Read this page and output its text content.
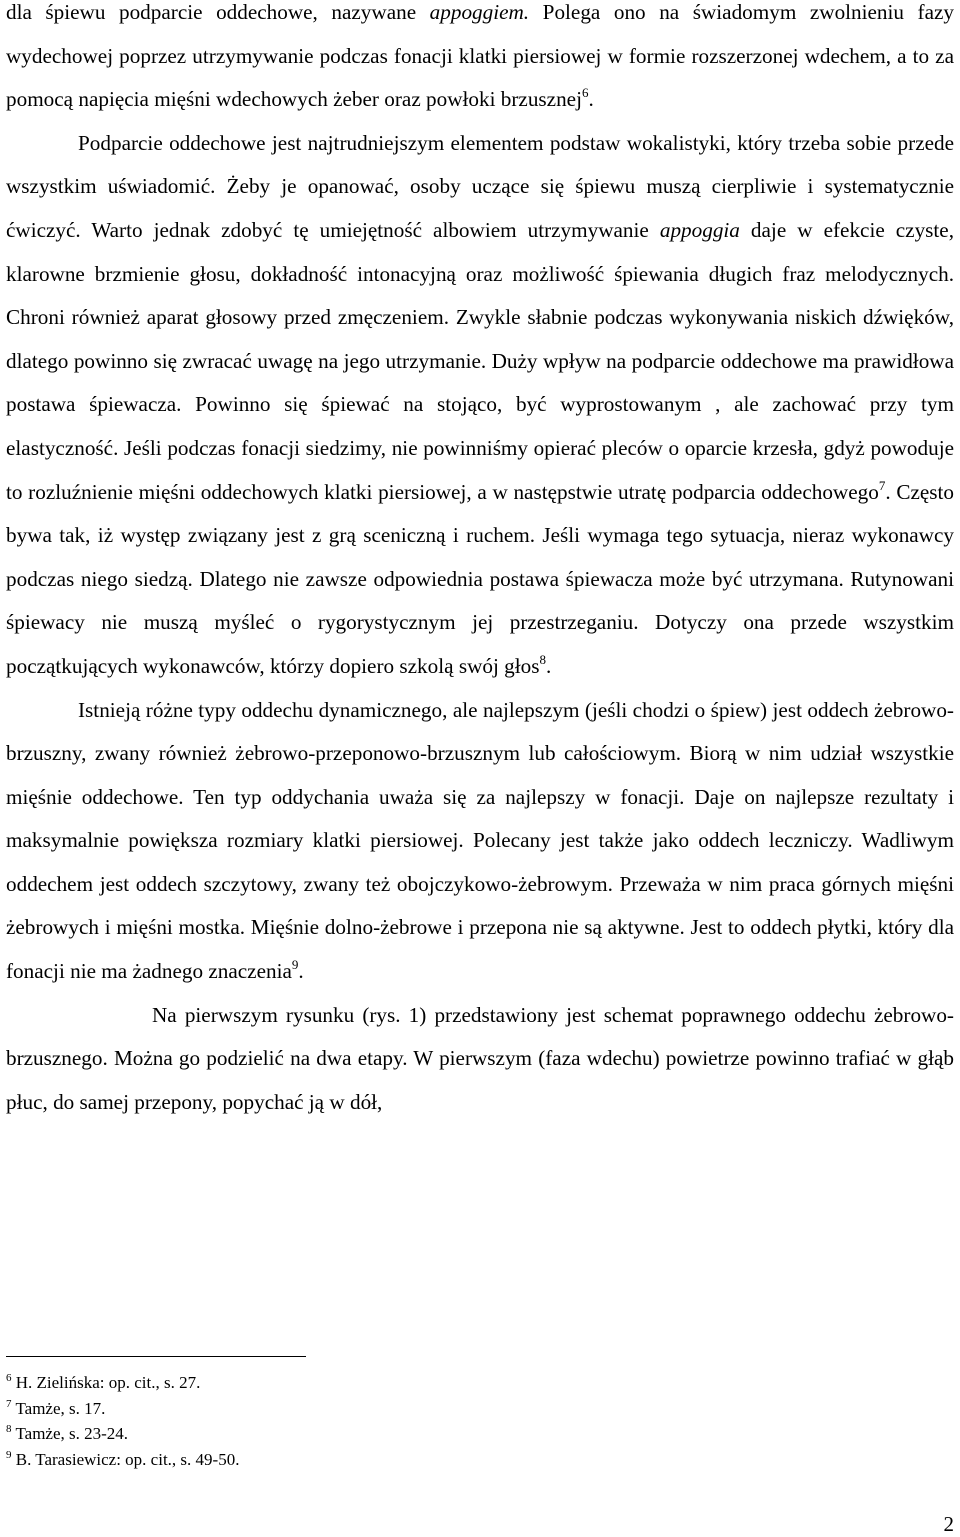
dla śpiewu podparcie oddechowe, nazywane appoggiem. Polega ono na świadomym zwolnieniu fazy wydechowej poprzez utrzymywanie podczas fonacji klatki piersiowej w formie rozszerzonej wdechem, a to za pomocą napięcia mięśni wdechowych żeber oraz powłoki brzusznej$^6$.

Podparcie oddechowe jest najtrudniejszym elementem podstaw wokalistyki, który trzeba sobie przede wszystkim uświadomić. Żeby je opanować, osoby uczące się śpiewu muszą cierpliwie i systematycznie ćwiczyć. Warto jednak zdobyć tę umiejętność albowiem utrzymywanie appoggia daje w efekcie czyste, klarowne brzmienie głosu, dokładność intonacyjną oraz możliwość śpiewania długich fraz melodycznych. Chroni również aparat głosowy przed zmęczeniem. Zwykle słabnie podczas wykonywania niskich dźwięków, dlatego powinno się zwracać uwagę na jego utrzymanie. Duży wpływ na podparcie oddechowe ma prawidłowa postawa śpiewacza. Powinno się śpiewać na stojąco, być wyprostowanym , ale zachować przy tym elastyczność. Jeśli podczas fonacji siedzimy, nie powinniśmy opierać pleców o oparcie krzesła, gdyż powoduje to rozluźnienie mięśni oddechowych klatki piersiowej, a w następstwie utratę podparcia oddechowego$^7$. Często bywa tak, iż występ związany jest z grą sceniczną i ruchem. Jeśli wymaga tego sytuacja, nieraz wykonawcy podczas niego siedzą. Dlatego nie zawsze odpowiednia postawa śpiewacza może być utrzymana. Rutynowani śpiewacy nie muszą myśleć o rygorystycznym jej przestrzeganiu. Dotyczy ona przede wszystkim początkujących wykonawców, którzy dopiero szkolą swój głos$^8$.

Istnieją różne typy oddechu dynamicznego, ale najlepszym (jeśli chodzi o śpiew) jest oddech żebrowo-brzuszny, zwany również żebrowo-przeponowo-brzusznym lub całościowym. Biorą w nim udział wszystkie mięśnie oddechowe. Ten typ oddychania uważa się za najlepszy w fonacji. Daje on najlepsze rezultaty i maksymalnie powiększa rozmiary klatki piersiowej. Polecany jest także jako oddech leczniczy. Wadliwym oddechem jest oddech szczytowy, zwany też obojczykowo-żebrowym. Przeważa w nim praca górnych mięśni żebrowych i mięśni mostka. Mięśnie dolno-żebrowe i przepona nie są aktywne. Jest to oddech płytki, który dla fonacji nie ma żadnego znaczenia$^9$.

Na pierwszym rysunku (rys. 1) przedstawiony jest schemat poprawnego oddechu żebrowo-brzusznego. Można go podzielić na dwa etapy. W pierwszym (faza wdechu) powietrze powinno trafiać w głąb płuc, do samej przepony, popychać ją w dół,

$^6$ H. Zielińska: op. cit., s. 27.

$^7$ Tamże, s. 17.

$^8$ Tamże, s. 23-24.

$^9$ B. Tarasiewicz: op. cit., s. 49-50.

2
